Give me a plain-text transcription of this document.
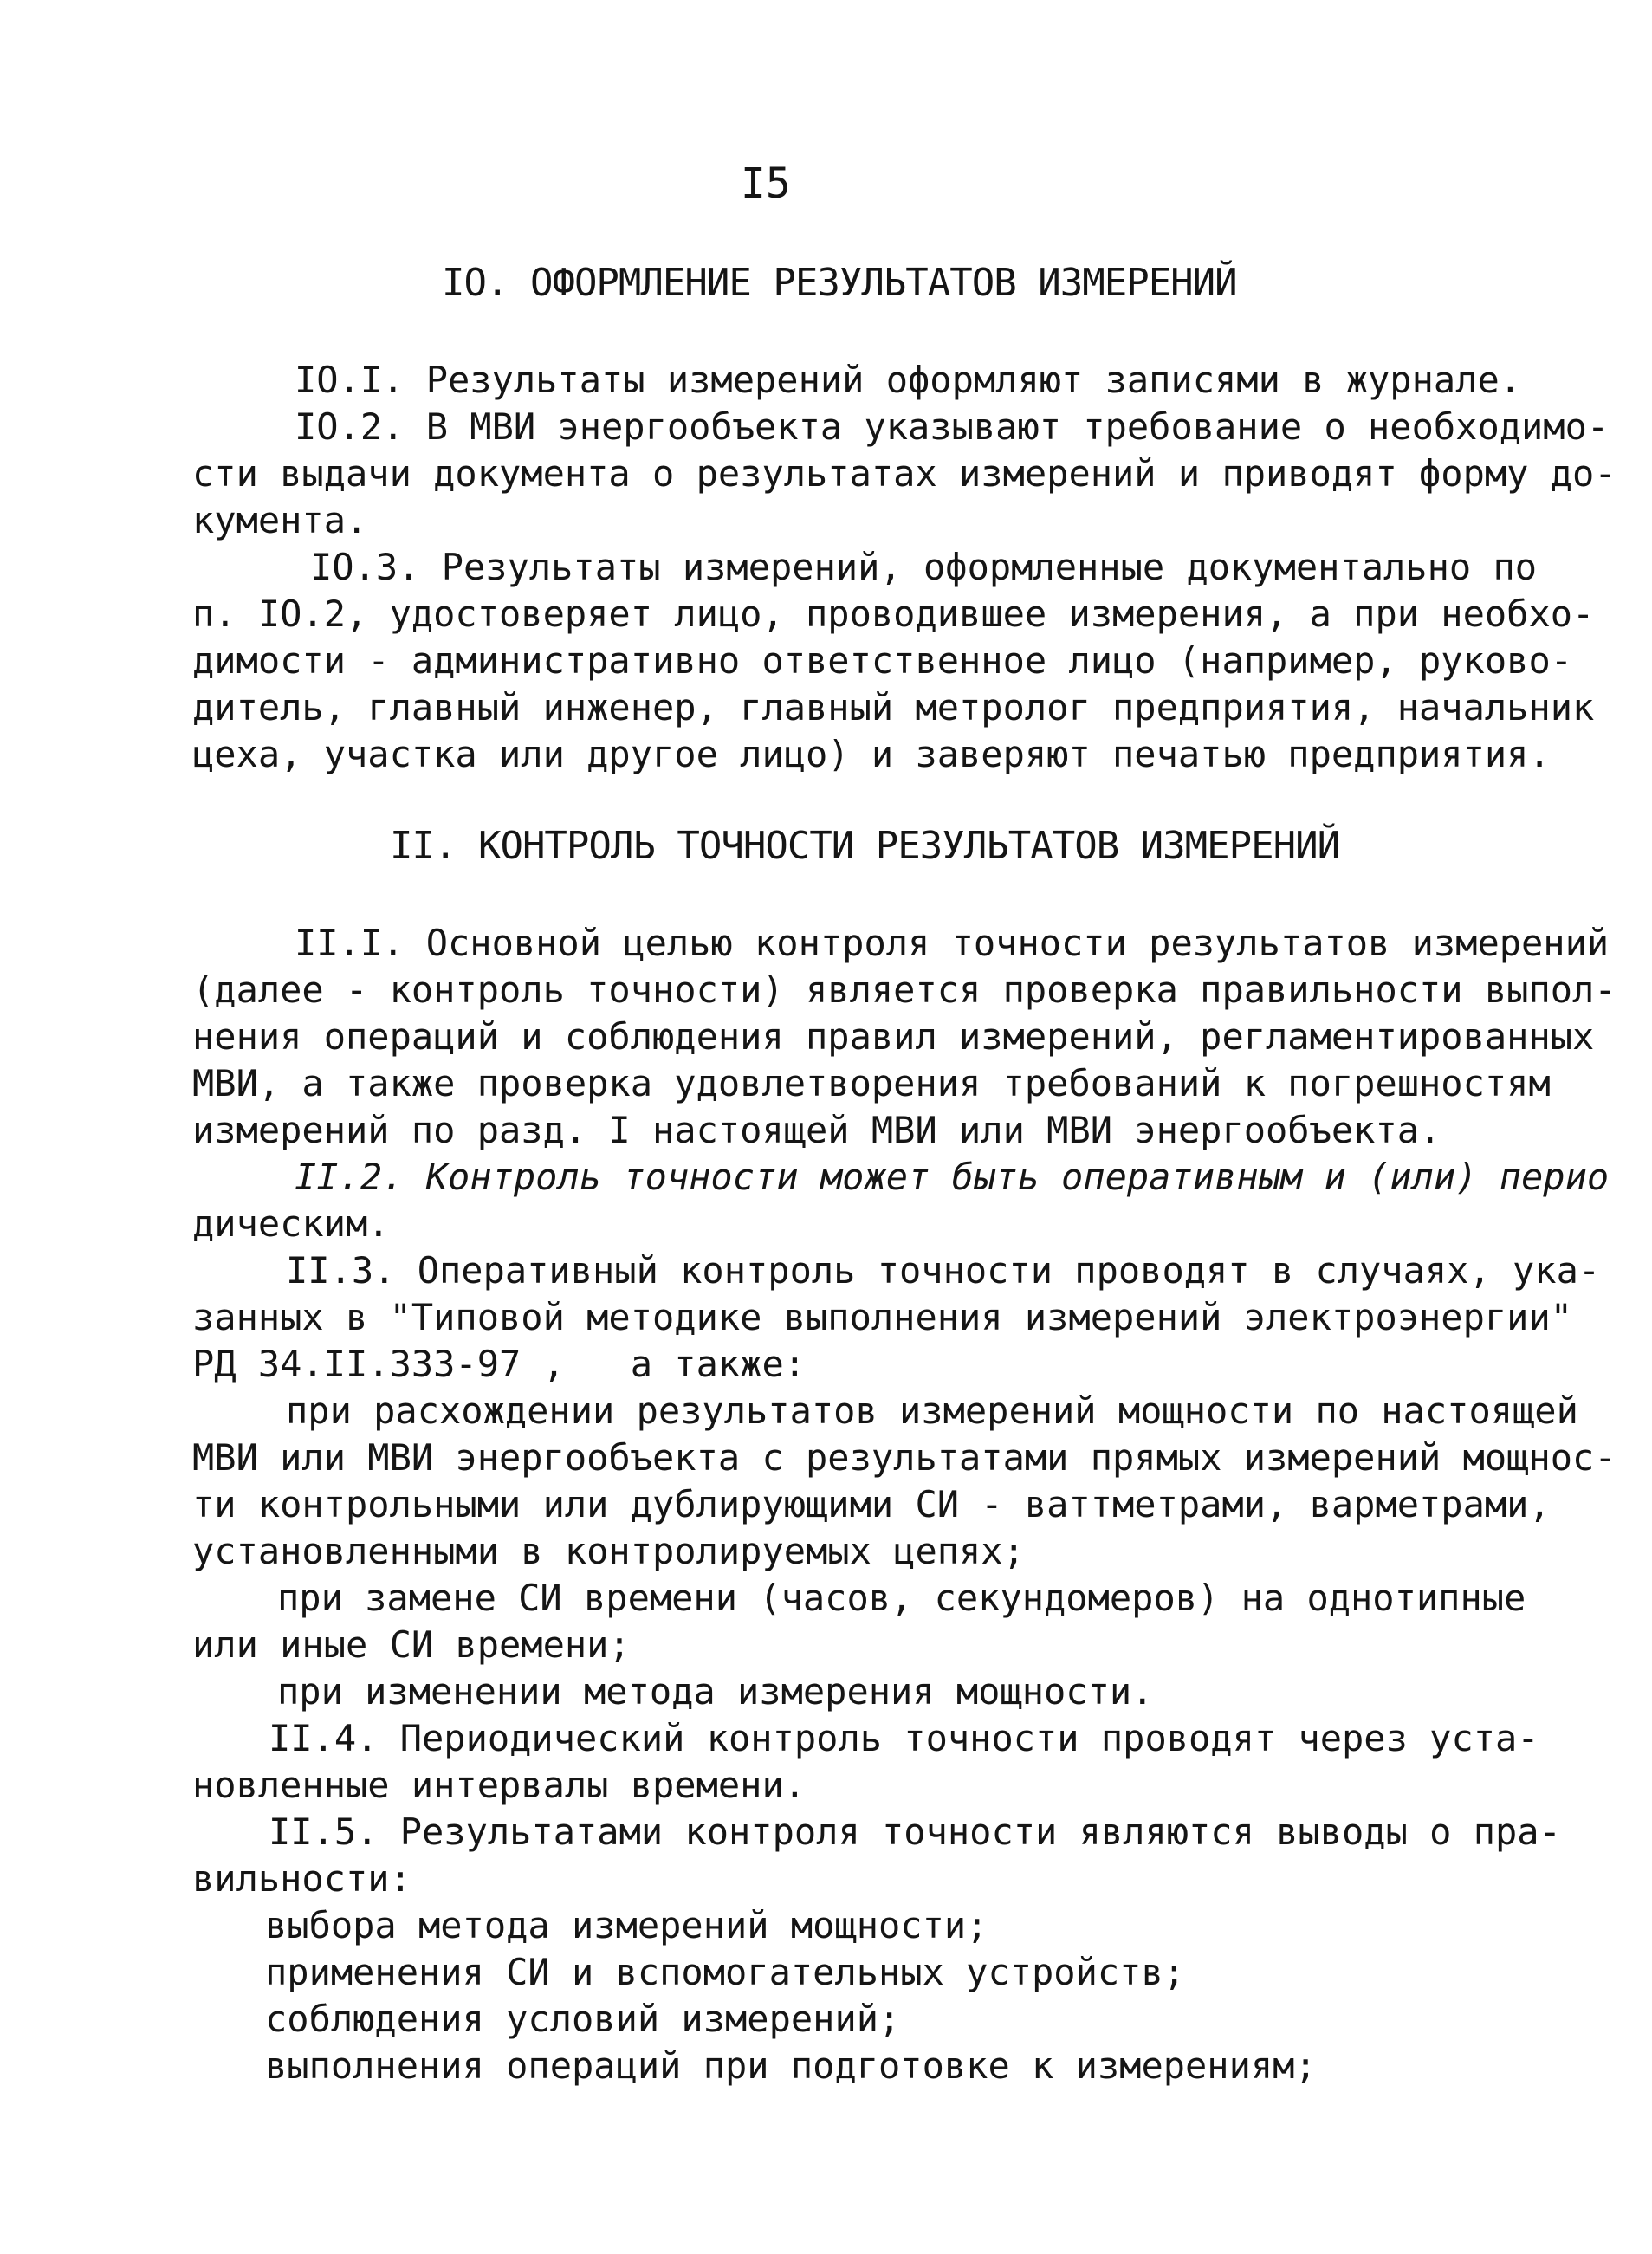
I5
IO. ОФОРМЛЕНИЕ РЕЗУЛЬТАТОВ ИЗМЕРЕНИЙ
IO.I. Результаты измерений оформляют записями в журнале.
IO.2. В МВИ энергообъекта указывают требование о необходимо-
сти выдачи документа о результатах измерений и приводят форму до-
кумента.
IO.3. Результаты измерений, оформленные документально по
п. IO.2, удостоверяет лицо, проводившее измерения, а при необхо-
димости - административно ответственное лицо (например, руково-
дитель, главный инженер, главный метролог предприятия, начальник
цеха, участка или другое лицо) и заверяют печатью предприятия.
II. КОНТРОЛЬ ТОЧНОСТИ РЕЗУЛЬТАТОВ ИЗМЕРЕНИЙ
II.I. Основной целью контроля точности результатов измерений
(далее - контроль точности) является проверка правильности выпол-
нения операций и соблюдения правил измерений, регламентированных
МВИ, а также проверка удовлетворения требований к погрешностям
измерений по разд. I настоящей МВИ или МВИ энергообъекта.
II.2. Контроль точности может быть оперативным и (или) перио
дическим.
II.3. Оперативный контроль точности проводят в случаях, ука-
занных в "Типовой методике выполнения измерений электроэнергии"
РД 34.II.333-97 ,   а также:
при расхождении результатов измерений мощности по настоящей
МВИ или МВИ энергообъекта с результатами прямых измерений мощнос-
ти контрольными или дублирующими СИ - ваттметрами, варметрами,
установленными в контролируемых цепях;
при замене СИ времени (часов, секундомеров) на однотипные
или иные СИ времени;
при изменении метода измерения мощности.
II.4. Периодический контроль точности проводят через уста-
новленные интервалы времени.
II.5. Результатами контроля точности являются выводы о пра-
вильности:
выбора метода измерений мощности;
применения СИ и вспомогательных устройств;
соблюдения условий измерений;
выполнения операций при подготовке к измерениям;
